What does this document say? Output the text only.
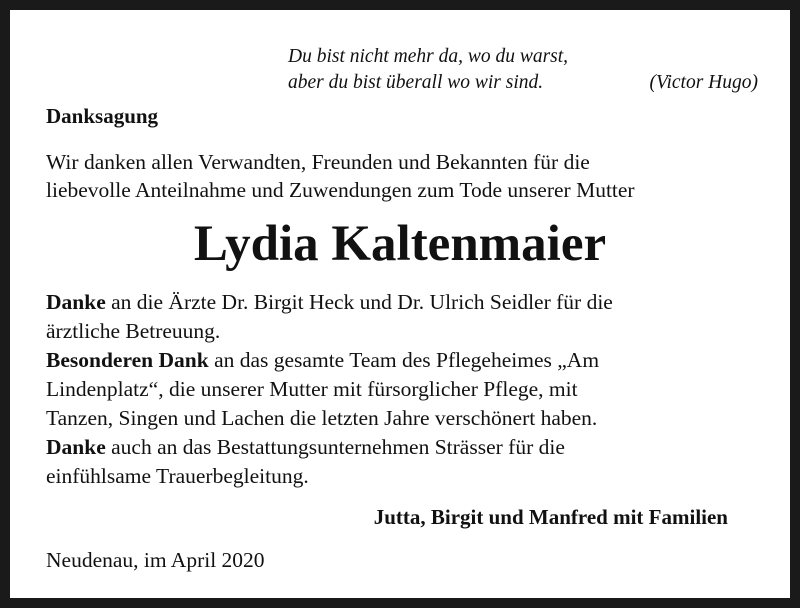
Du bist nicht mehr da, wo du warst,
aber du bist überall wo wir sind.	(Victor Hugo)
Danksagung
Wir danken allen Verwandten, Freunden und Bekannten für die
liebevolle Anteilnahme und Zuwendungen zum Tode unserer Mutter
Lydia Kaltenmaier
Danke an die Ärzte Dr. Birgit Heck und Dr. Ulrich Seidler für die
ärztliche Betreuung.
Besonderen Dank an das gesamte Team des Pflegeheimes „Am
Lindenplatz“, die unserer Mutter mit fürsorglicher Pflege, mit
Tanzen, Singen und Lachen die letzten Jahre verschönert haben.
Danke auch an das Bestattungsunternehmen Strässer für die
einfühlsame Trauerbegleitung.
Jutta, Birgit und Manfred mit Familien
Neudenau, im April 2020
